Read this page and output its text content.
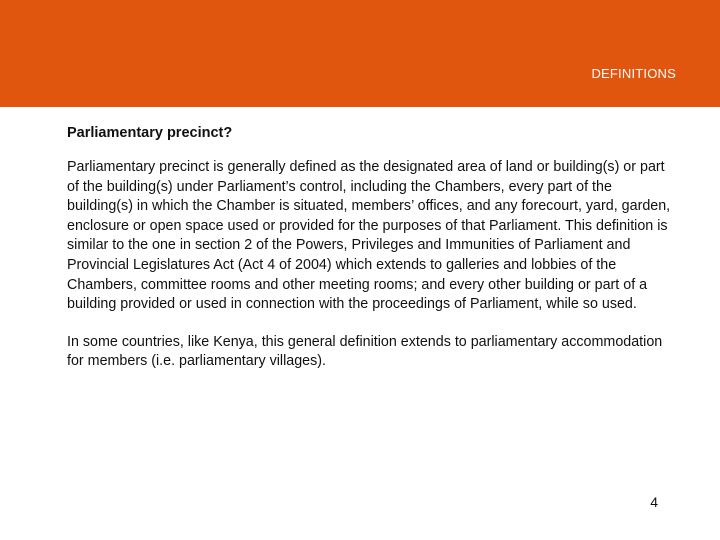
DEFINITIONS
Parliamentary precinct?

Parliamentary precinct is generally defined as the designated area of land or building(s) or part of the building(s) under Parliament’s control, including the Chambers, every part of the building(s) in which the Chamber is situated, members’ offices, and any forecourt, yard, garden, enclosure or open space used or provided for the purposes of that Parliament. This definition is similar to the one in section 2 of the Powers, Privileges and Immunities of Parliament and Provincial Legislatures Act (Act 4 of 2004) which extends to galleries and lobbies of the Chambers, committee rooms and other meeting rooms; and every other building or part of a building provided or used in connection with the proceedings of Parliament, while so used.

In some countries, like Kenya, this general definition extends to parliamentary accommodation for members (i.e. parliamentary villages).

4
